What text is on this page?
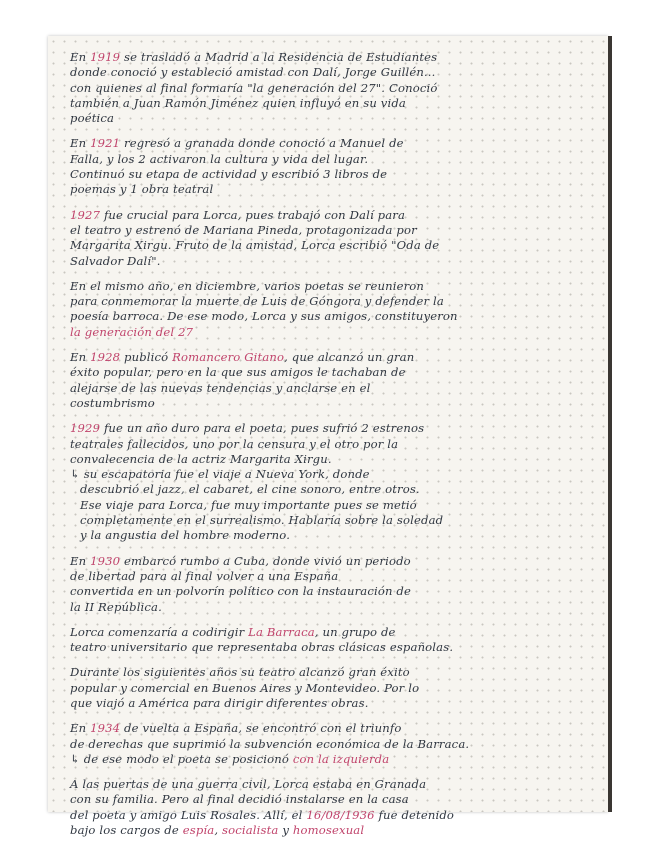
En 1919 se trasladó a Madrid a la Residencia de Estudiantes
donde conoció y estableció amistad con Dalí, Jorge Guillén...
con quienes al final formaría "la generación del 27". Conoció
también a Juan Ramón Jiménez quien influyó en su vida
poética
En 1921 regresó a granada donde conoció a Manuel de
Falla, y los 2 activaron la cultura y vida del lugar.
Continuó su etapa de actividad y escribió 3 libros de
poemas y 1 obra teatral
1927 fue crucial para Lorca, pues trabajó con Dalí para
el teatro y estrenó de Mariana Pineda, protagonizada por
Margarita Xirgu. Fruto de la amistad, Lorca escribió "Oda de
Salvador Dalí".
En el mismo año, en diciembre, varios poetas se reunieron
para conmemorar la muerte de Luis de Góngora y defender la
poesía barroca. De ese modo, Lorca y sus amigos, constituyeron
la generación del 27
En 1928 publicó Romancero Gitano, que alcanzó un gran
éxito popular, pero en la que sus amigos le tachaban de
alejarse de las nuevas tendencias y anclarse en el
costumbrismo
1929 fue un año duro para el poeta, pues sufrió 2 estrenos
teatrales fallecidos, uno por la censura y el otro por la
convalecencia de la actriz Margarita Xirgu.
↳ su escapatoria fue el viaje a Nueva York, donde
descubrió el jazz, el cabaret, el cine sonoro, entre otros.
Ese viaje para Lorca, fue muy importante pues se metió
completamente en el surrealismo. Hablaría sobre la soledad
y la angustia del hombre moderno.
En 1930 embarcó rumbo a Cuba, donde vivió un periodo
de libertad para al final volver a una España
convertida en un polvorín político con la instauración de
la II República.
Lorca comenzaría a codirigir La Barraca, un grupo de
teatro universitario que representaba obras clásicas españolas.
Durante los siguientes años su teatro alcanzó gran éxito
popular y comercial en Buenos Aires y Montevideo. Por lo
que viajó a América para dirigir diferentes obras.
En 1934 de vuelta a España, se encontró con el triunfo
de derechas que suprimió la subvención económica de la Barraca.
↳ de ese modo el poeta se posicionó con la izquierda
A las puertas de una guerra civil, Lorca estaba en Granada
con su familia. Pero al final decidió instalarse en la casa
del poeta y amigo Luis Rosales. Allí, el 16/08/1936 fue detenido
bajo los cargos de espía, socialista y homosexual
